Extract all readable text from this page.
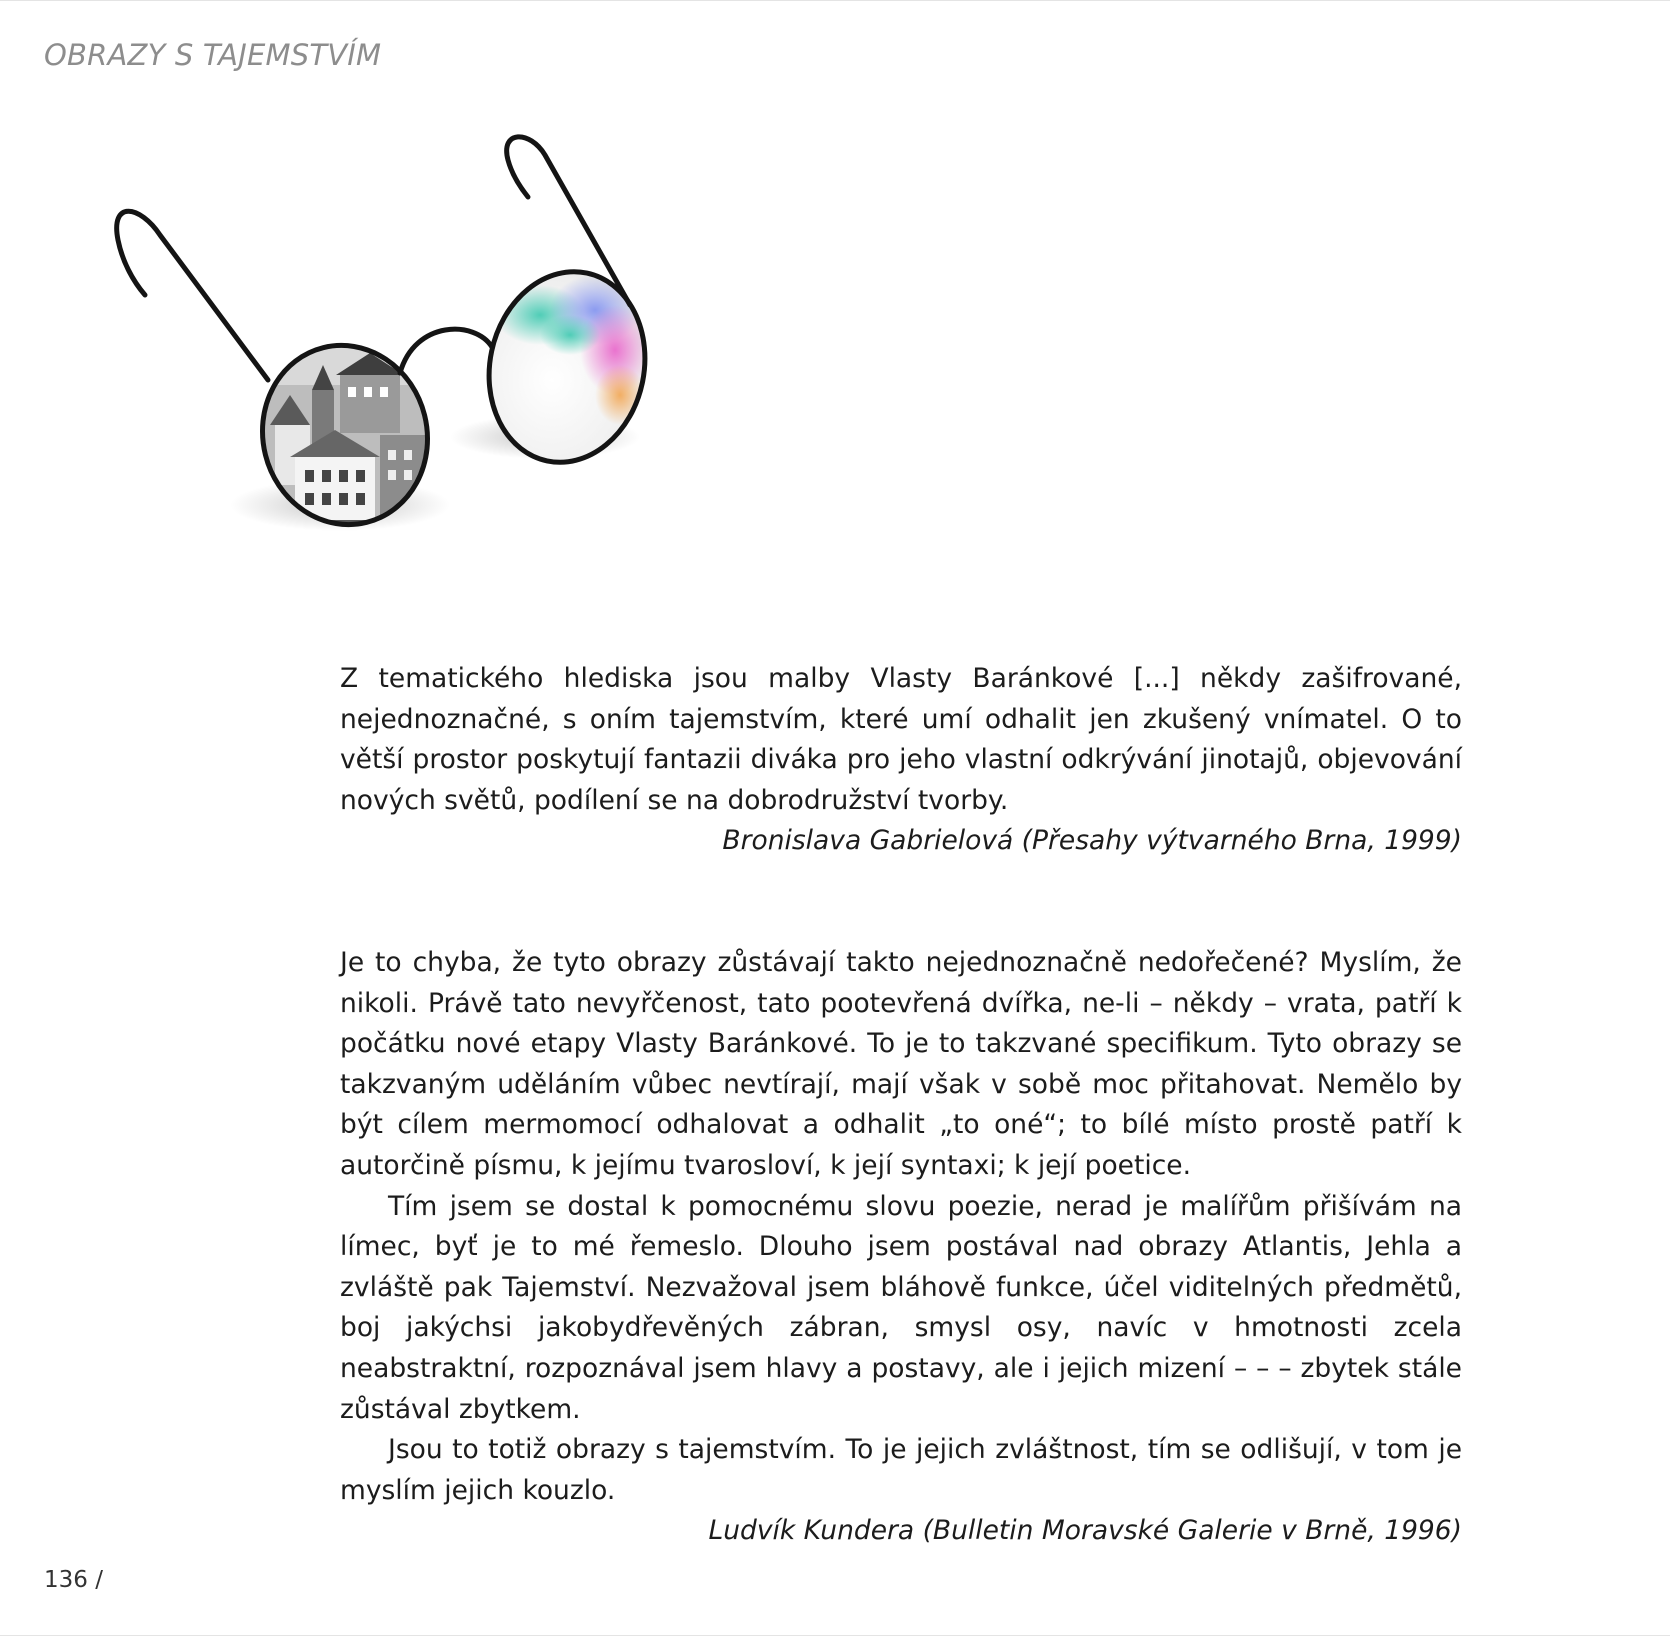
OBRAZY S TAJEMSTVÍM

Z tematického hlediska jsou malby Vlasty Baránkové [...] někdy zašifrované, nejednoznačné, s oním tajemstvím, které umí odhalit jen zkušený vnímatel. O to větší prostor poskytují fantazii diváka pro jeho vlastní odkrývání jinotajů, objevování nových světů, podílení se na dobrodružství tvorby.

Bronislava Gabrielová (Přesahy výtvarného Brna, 1999)

Je to chyba, že tyto obrazy zůstávají takto nejednoznačně nedořečené? Myslím, že nikoli. Právě tato nevyřčenost, tato pootevřená dvířka, ne-li – někdy – vrata, patří k počátku nové etapy Vlasty Baránkové. To je to takzvané specifikum. Tyto obrazy se takzvaným uděláním vůbec nevtírají, mají však v sobě moc přitahovat. Nemělo by být cílem mermomocí odhalovat a odhalit „to oné“; to bílé místo prostě patří k autorčině písmu, k jejímu tvarosloví, k její syntaxi; k její poetice.

Tím jsem se dostal k pomocnému slovu poezie, nerad je malířům přišívám na límec, byť je to mé řemeslo. Dlouho jsem postával nad obrazy Atlantis, Jehla a zvláště pak Tajemství. Nezvažoval jsem bláhově funkce, účel viditelných předmětů, boj jakýchsi jakobydřevěných zábran, smysl osy, navíc v hmotnosti zcela neabstraktní, rozpoznával jsem hlavy a postavy, ale i jejich mizení – – – zbytek stále zůstával zbytkem.

Jsou to totiž obrazy s tajemstvím. To je jejich zvláštnost, tím se odlišují, v tom je myslím jejich kouzlo.

Ludvík Kundera (Bulletin Moravské Galerie v Brně, 1996)

136 /
